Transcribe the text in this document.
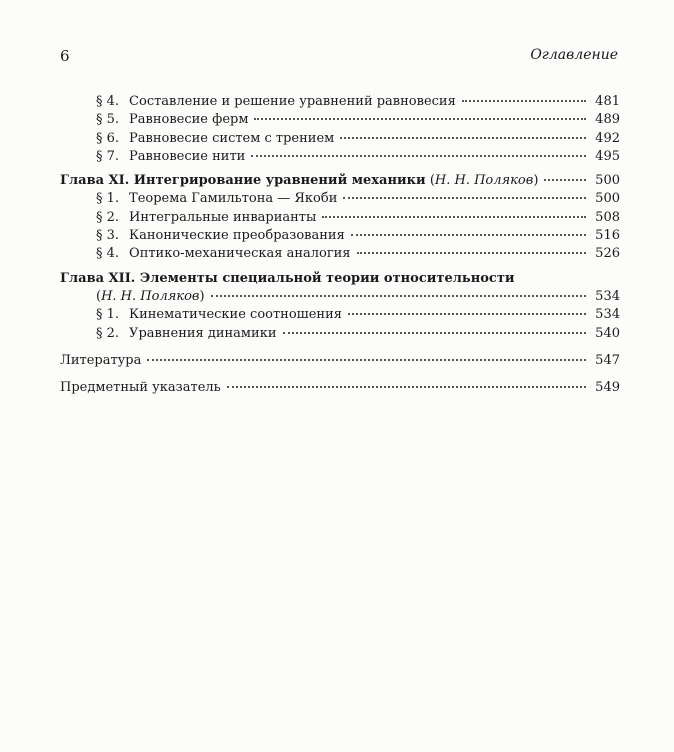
6	Оглавление
§ 4. Составление и решение уравнений равновесия	481
§ 5. Равновесие ферм	489
§ 6. Равновесие систем с трением	492
§ 7. Равновесие нити	495
Глава XI. Интегрирование уравнений механики (Н. Н. Поляков)	500
§ 1. Теорема Гамильтона — Якоби	500
§ 2. Интегральные инварианты	508
§ 3. Канонические преобразования	516
§ 4. Оптико-механическая аналогия	526
Глава XII. Элементы специальной теории относительности
(Н. Н. Поляков)	534
§ 1. Кинематические соотношения	534
§ 2. Уравнения динамики	540
Литература	547
Предметный указатель	549
